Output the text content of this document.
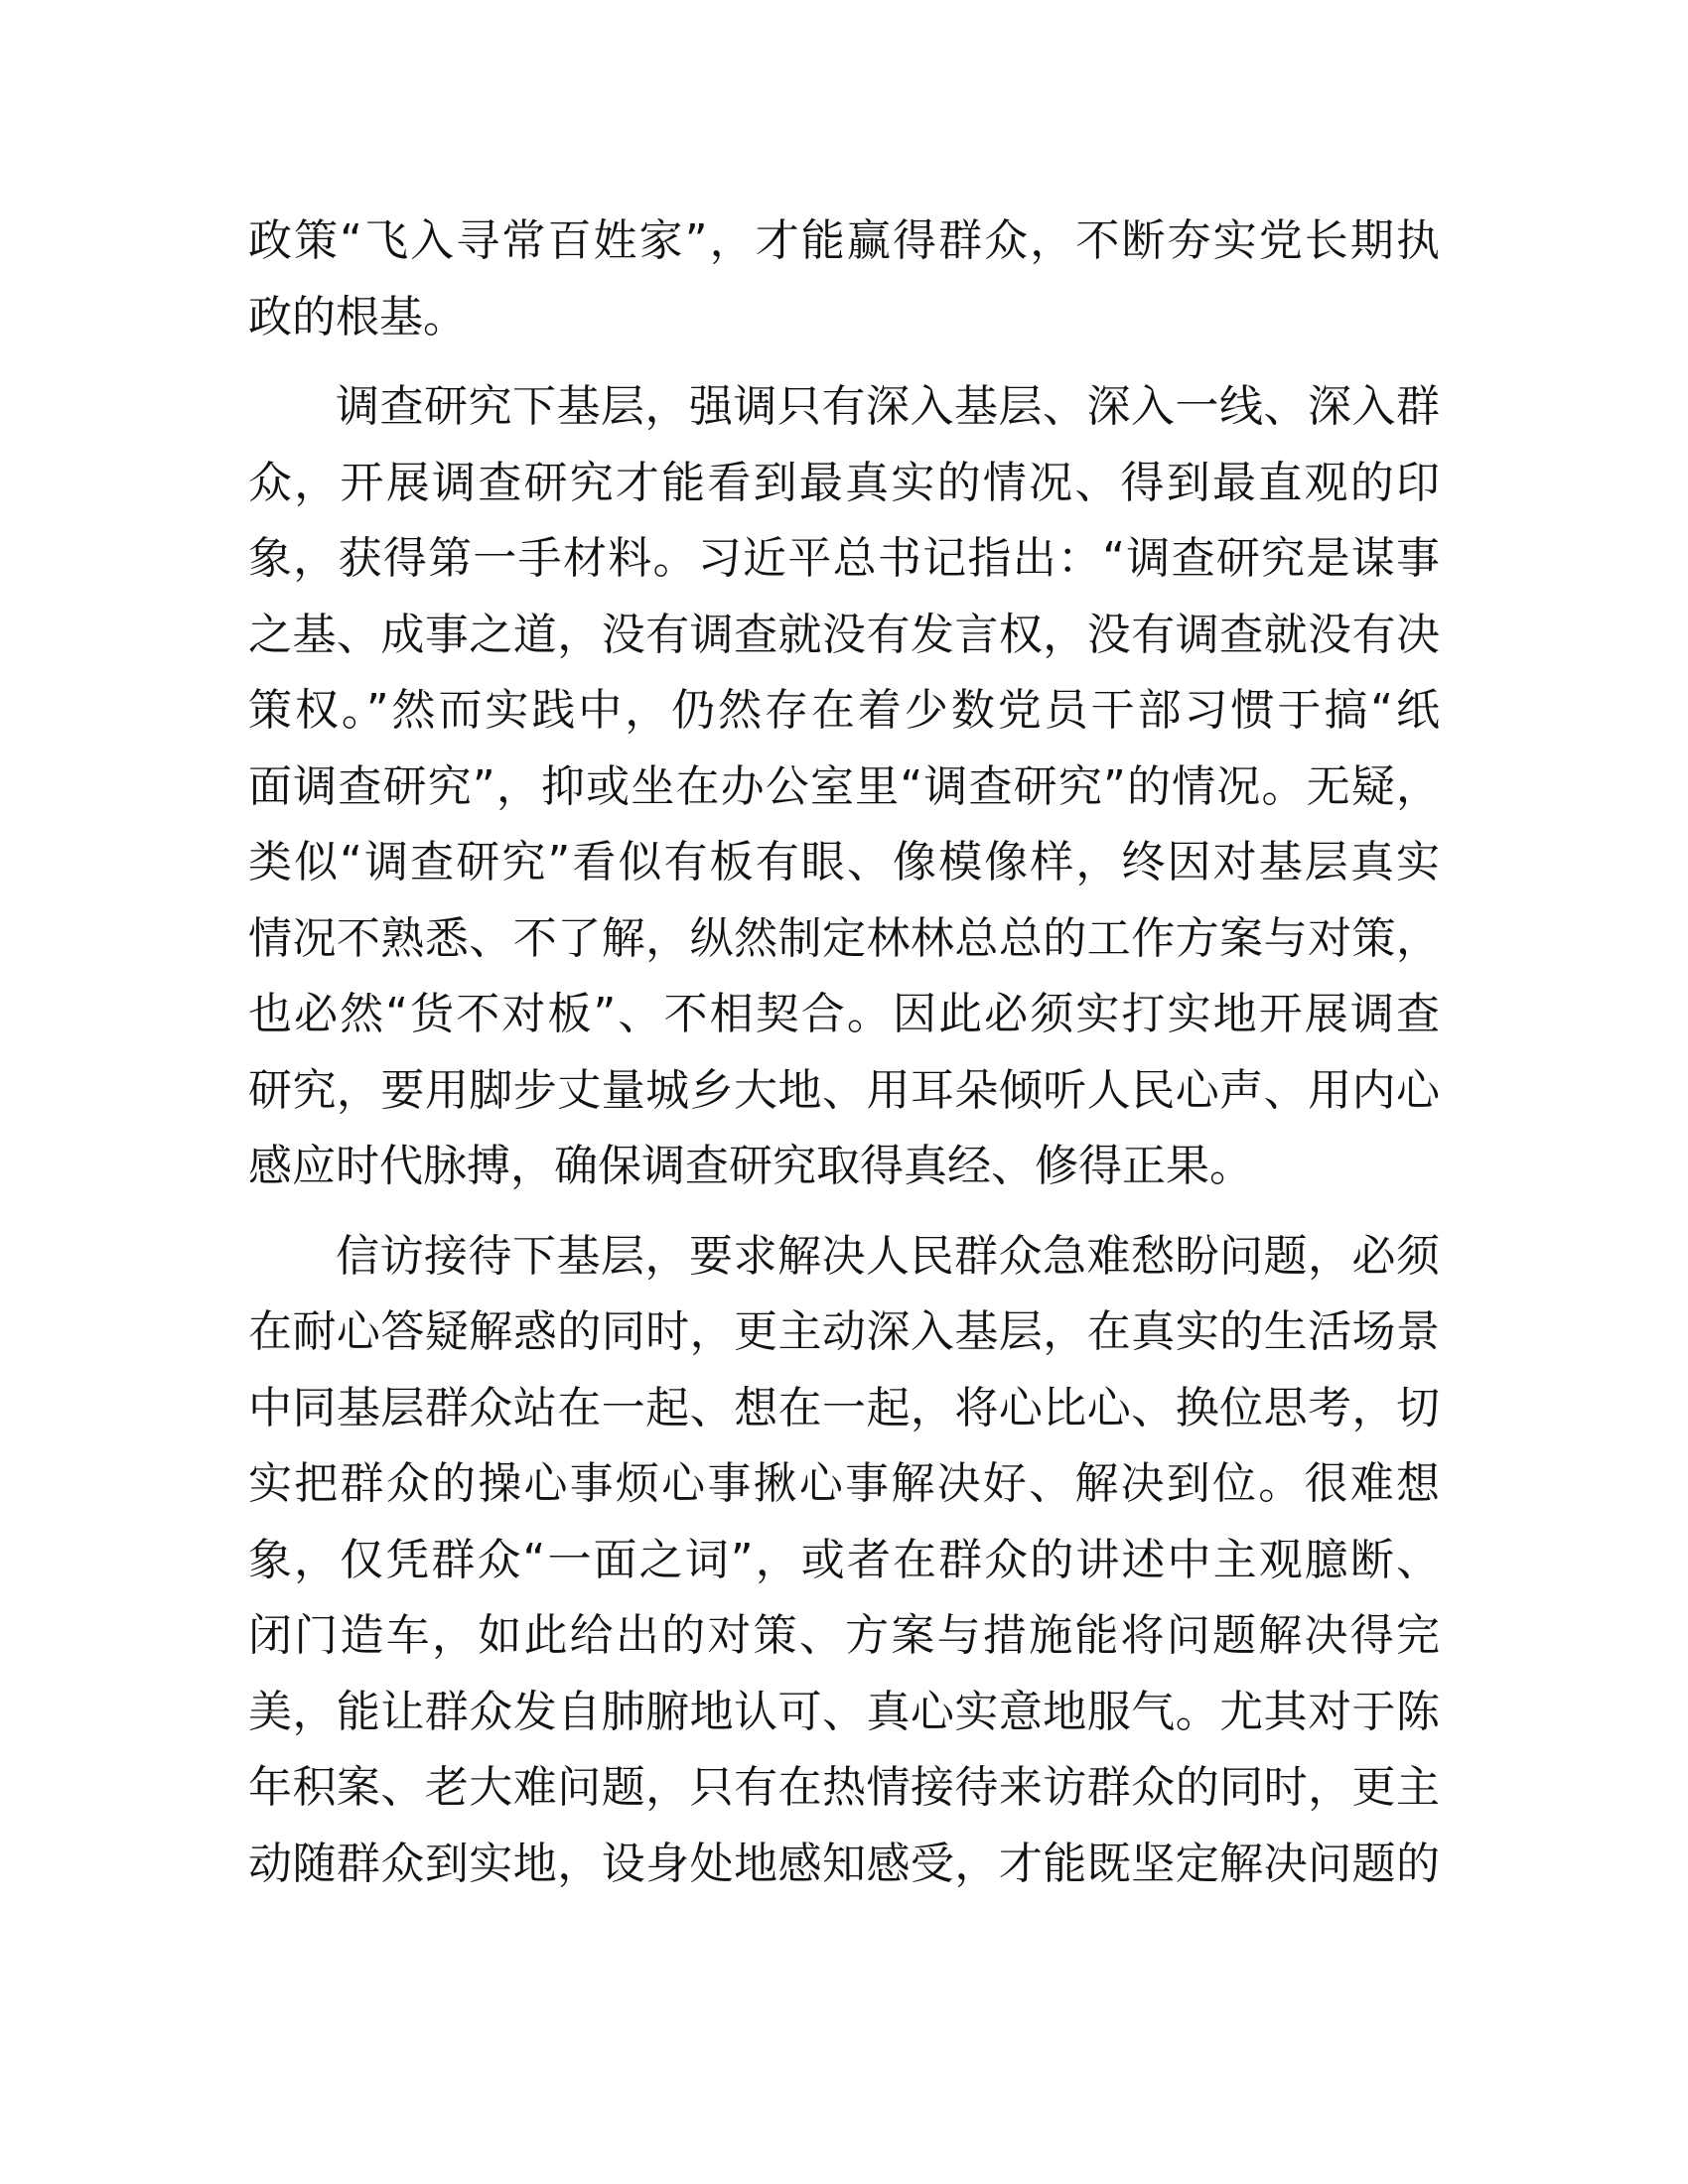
政策“飞入寻常百姓家”，才能赢得群众，不断夯实党长期执
政的根基。

调查研究下基层，强调只有深入基层、深入一线、深入群
众，开展调查研究才能看到最真实的情况、得到最直观的印
象，获得第一手材料。习近平总书记指出：“调查研究是谋事
之基、成事之道，没有调查就没有发言权，没有调查就没有决
策权。”然而实践中，仍然存在着少数党员干部习惯于搞“纸
面调查研究”，抑或坐在办公室里“调查研究”的情况。无疑，
类似“调查研究”看似有板有眼、像模像样，终因对基层真实
情况不熟悉、不了解，纵然制定林林总总的工作方案与对策，
也必然“货不对板”、不相契合。因此必须实打实地开展调查
研究，要用脚步丈量城乡大地、用耳朵倾听人民心声、用内心
感应时代脉搏，确保调查研究取得真经、修得正果。

信访接待下基层，要求解决人民群众急难愁盼问题，必须
在耐心答疑解惑的同时，更主动深入基层，在真实的生活场景
中同基层群众站在一起、想在一起，将心比心、换位思考，切
实把群众的操心事烦心事揪心事解决好、解决到位。很难想
象，仅凭群众“一面之词”，或者在群众的讲述中主观臆断、
闭门造车，如此给出的对策、方案与措施能将问题解决得完
美，能让群众发自肺腑地认可、真心实意地服气。尤其对于陈
年积案、老大难问题，只有在热情接待来访群众的同时，更主
动随群众到实地，设身处地感知感受，才能既坚定解决问题的
